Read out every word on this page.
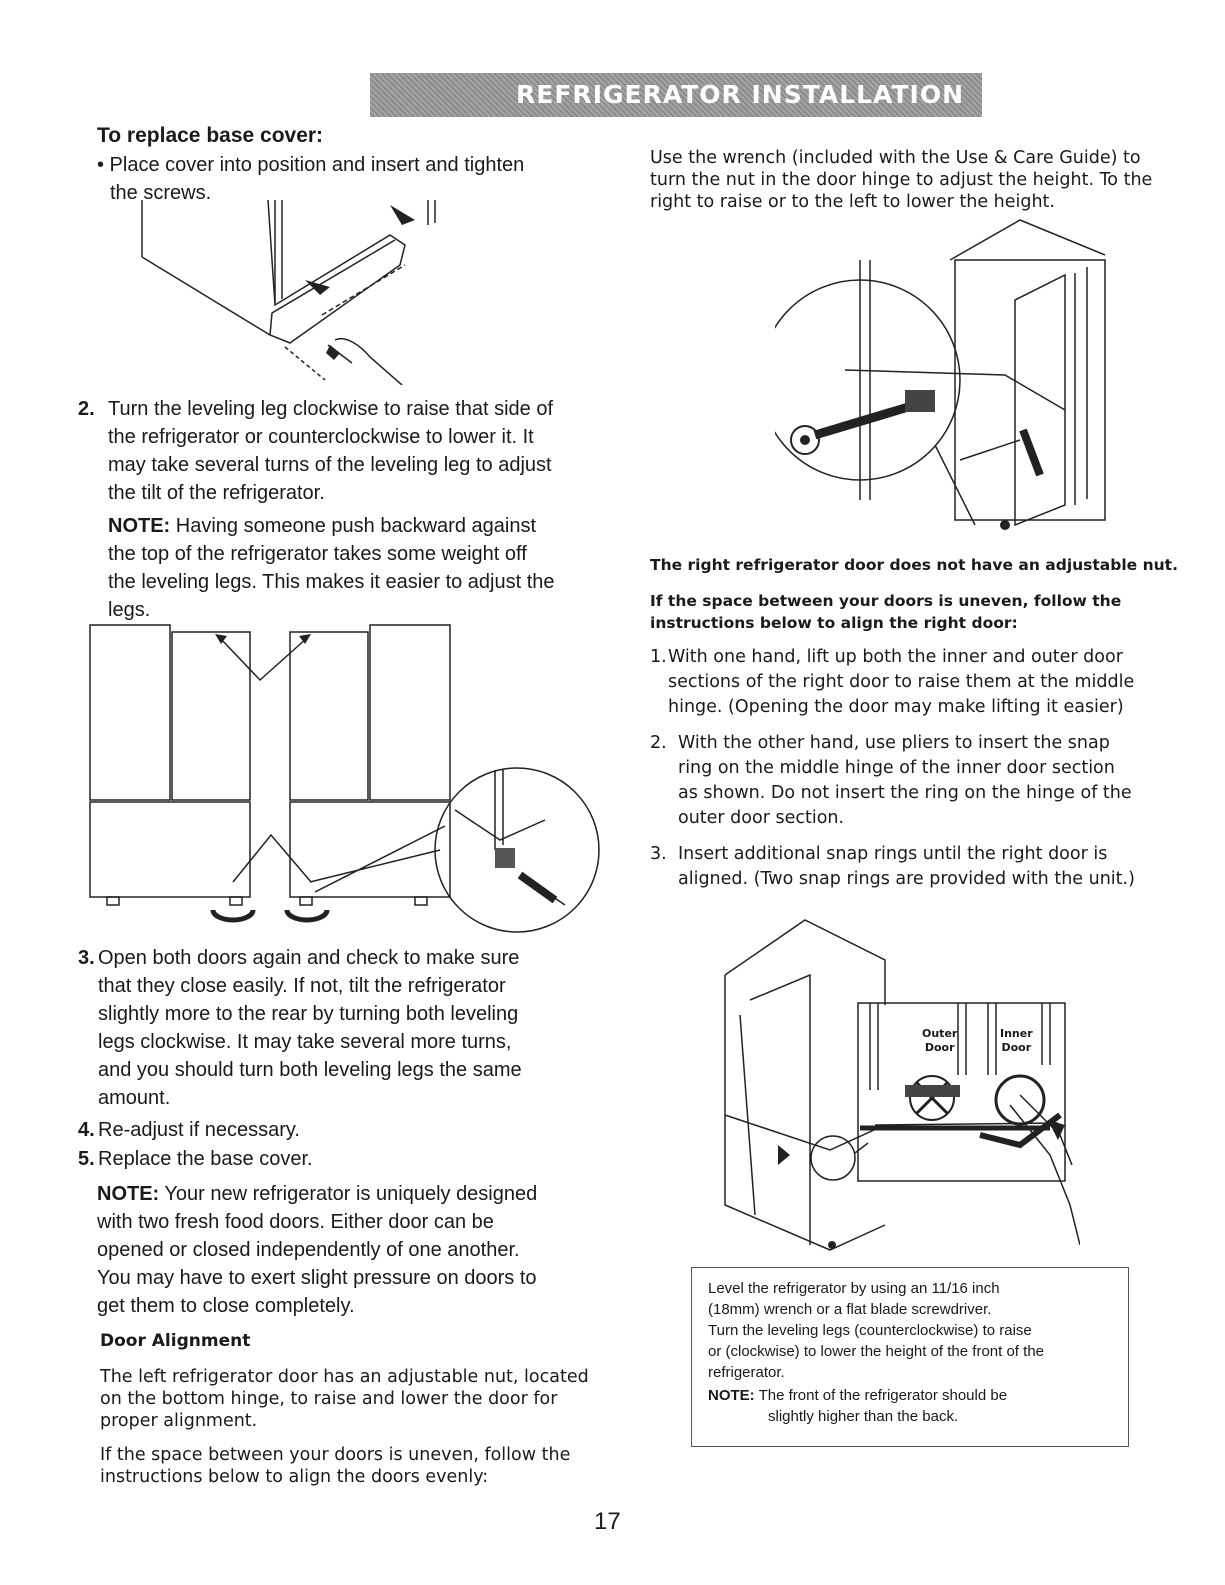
REFRIGERATOR INSTALLATION
To replace base cover:
• Place cover into position and insert and tighten
the screws.
2. Turn the leveling leg clockwise to raise that side of
the refrigerator or counterclockwise to lower it. It
may take several turns of the leveling leg to adjust
the tilt of the refrigerator.
NOTE: Having someone push backward against
the top of the refrigerator takes some weight off
the leveling legs. This makes it easier to adjust the
legs.
3. Open both doors again and check to make sure
that they close easily. If not, tilt the refrigerator
slightly more to the rear by turning both leveling
legs clockwise. It may take several more turns,
and you should turn both leveling legs the same
amount.
4. Re-adjust if necessary.
5. Replace the base cover.
NOTE: Your new refrigerator is uniquely designed
with two fresh food doors. Either door can be
opened or closed independently of one another.
You may have to exert slight pressure on doors to
get them to close completely.
Door Alignment
The left refrigerator door has an adjustable nut, located
on the bottom hinge, to raise and lower the door for
proper alignment.
If the space between your doors is uneven, follow the
instructions below to align the doors evenly:
Use the wrench (included with the Use & Care Guide) to
turn the nut in the door hinge to adjust the height. To the
right to raise or to the left to lower the height.
The right refrigerator door does not have an adjustable nut.
If the space between your doors is uneven, follow the
instructions below to align the right door:
1. With one hand, lift up both the inner and outer door
sections of the right door to raise them at the middle
hinge. (Opening the door may make lifting it easier)
2. With the other hand, use pliers to insert the snap
ring on the middle hinge of the inner door section
as shown. Do not insert the ring on the hinge of the
outer door section.
3. Insert additional snap rings until the right door is
aligned. (Two snap rings are provided with the unit.)
Outer
Door
Inner
Door
Level the refrigerator by using an 11/16 inch
(18mm) wrench or a flat blade screwdriver.
Turn the leveling legs (counterclockwise) to raise
or (clockwise) to lower the height of the front of the
refrigerator.
NOTE: The front of the refrigerator should be
slightly higher than the back.
17
